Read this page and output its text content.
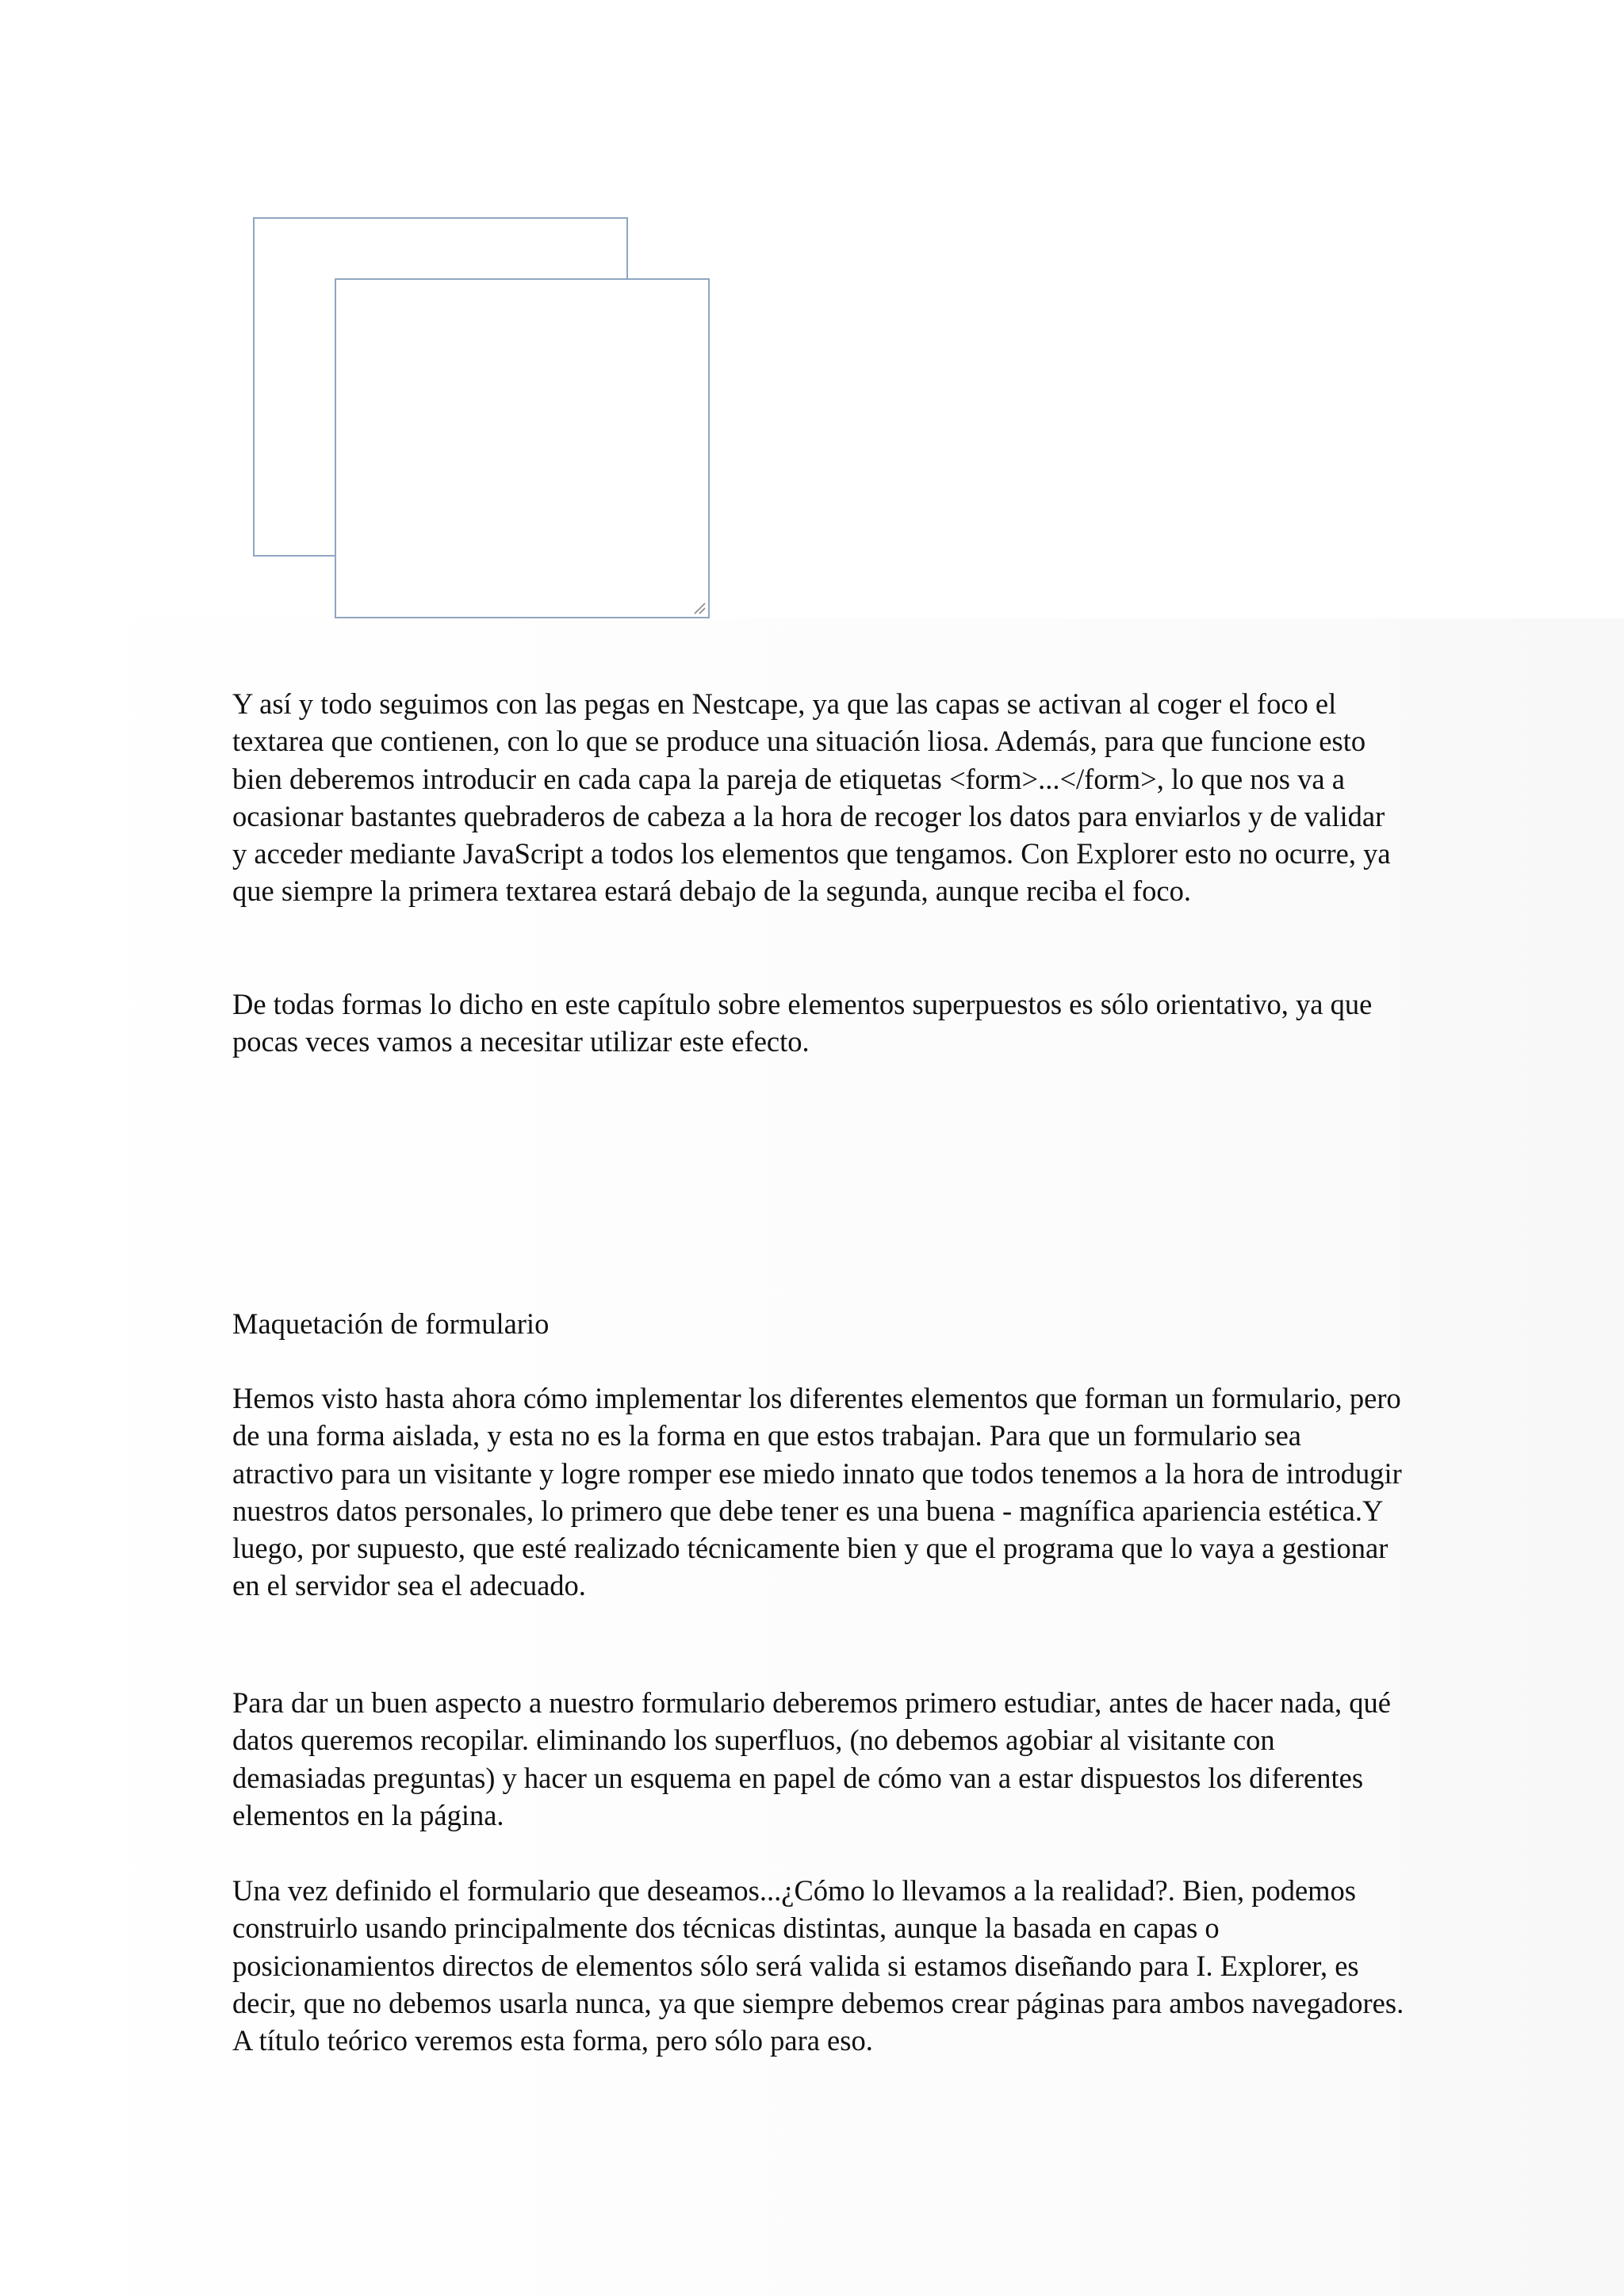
Y así y todo seguimos con las pegas en Nestcape, ya que las capas se activan al coger el foco el textarea que contienen, con lo que se produce una situación liosa. Además, para que funcione esto bien deberemos introducir en cada capa la pareja de etiquetas <form>...</form>, lo que nos va a ocasionar bastantes quebraderos de cabeza a la hora de recoger los datos para enviarlos y de validar y acceder mediante JavaScript a todos los elementos que tengamos. Con Explorer esto no ocurre, ya que siempre la primera textarea estará debajo de la segunda, aunque reciba el foco.

De todas formas lo dicho en este capítulo sobre elementos superpuestos es sólo orientativo, ya que pocas veces vamos a necesitar utilizar este efecto.

Maquetación de formulario

Hemos visto hasta ahora cómo implementar los diferentes elementos que forman un formulario, pero de una forma aislada, y esta no es la forma en que estos trabajan. Para que un formulario sea atractivo para un visitante y logre romper ese miedo innato que todos tenemos a la hora de introdugir nuestros datos personales, lo primero que debe tener es una buena - magnífica apariencia estética.Y luego, por supuesto, que esté realizado técnicamente bien y que el programa que lo vaya a gestionar en el servidor sea el adecuado.

Para dar un buen aspecto a nuestro formulario deberemos primero estudiar, antes de hacer nada, qué datos queremos recopilar. eliminando los superfluos, (no debemos agobiar al visitante con demasiadas preguntas) y hacer un esquema en papel de cómo van a estar dispuestos los diferentes elementos en la página.

Una vez definido el formulario que deseamos...¿Cómo lo llevamos a la realidad?. Bien, podemos construirlo usando principalmente dos técnicas distintas, aunque la basada en capas o posicionamientos directos de elementos sólo será valida si estamos diseñando para I. Explorer, es decir, que no debemos usarla nunca, ya que siempre debemos crear páginas para ambos navegadores. A título teórico veremos esta forma, pero sólo para eso.
